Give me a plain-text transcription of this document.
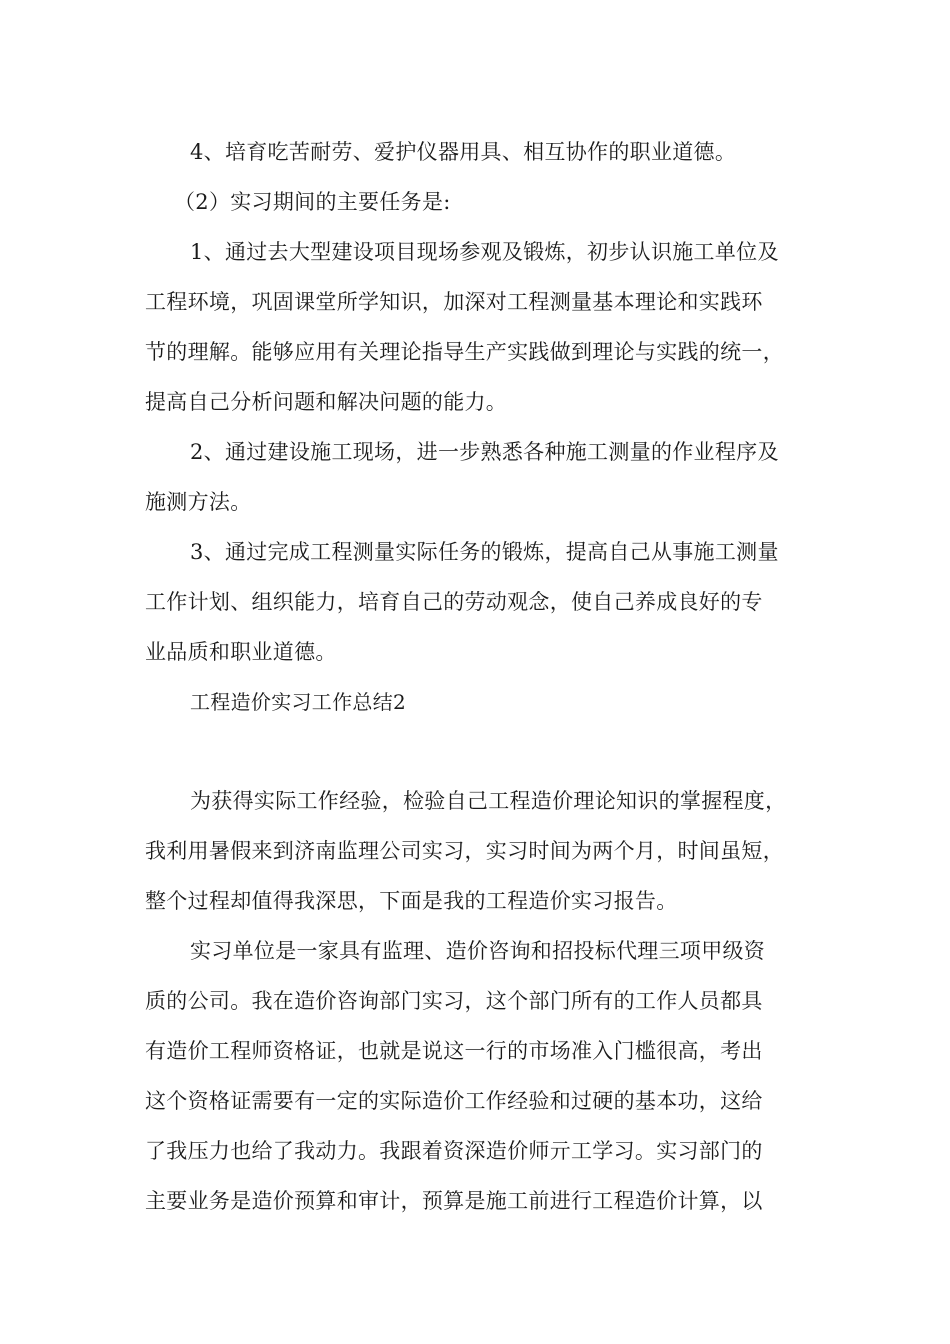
4、培育吃苦耐劳、爱护仪器用具、相互协作的职业道德。
（2）实习期间的主要任务是:
1、通过去大型建设项目现场参观及锻炼，初步认识施工单位及
工程环境，巩固课堂所学知识，加深对工程测量基本理论和实践环
节的理解。能够应用有关理论指导生产实践做到理论与实践的统一，
提高自己分析问题和解决问题的能力。
2、通过建设施工现场，进一步熟悉各种施工测量的作业程序及
施测方法。
3、通过完成工程测量实际任务的锻炼，提高自己从事施工测量
工作计划、组织能力，培育自己的劳动观念，使自己养成良好的专
业品质和职业道德。
工程造价实习工作总结2
为获得实际工作经验，检验自己工程造价理论知识的掌握程度，
我利用暑假来到济南监理公司实习，实习时间为两个月，时间虽短，
整个过程却值得我深思，下面是我的工程造价实习报告。
实习单位是一家具有监理、造价咨询和招投标代理三项甲级资
质的公司。我在造价咨询部门实习，这个部门所有的工作人员都具
有造价工程师资格证，也就是说这一行的市场准入门槛很高，考出
这个资格证需要有一定的实际造价工作经验和过硬的基本功，这给
了我压力也给了我动力。我跟着资深造价师亓工学习。实习部门的
主要业务是造价预算和审计，预算是施工前进行工程造价计算，以
